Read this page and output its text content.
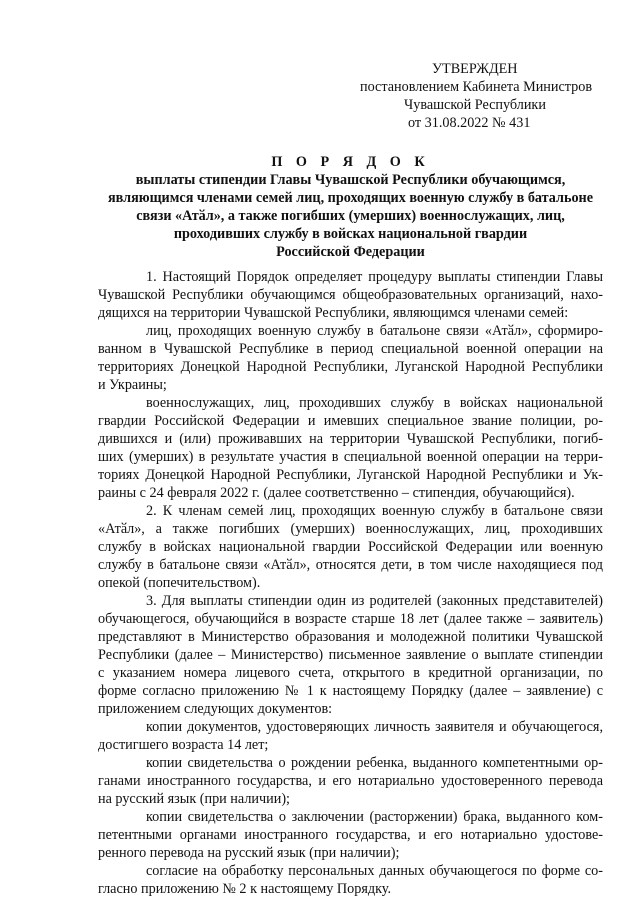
УТВЕРЖДЕН
постановлением Кабинета Министров
Чувашской Республики
от 31.08.2022 № 431
П О Р Я Д О К
выплаты стипендии Главы Чувашской Республики обучающимся,
являющимся членами семей лиц, проходящих военную службу в батальоне
связи «Атӑл», а также погибших (умерших) военнослужащих, лиц,
проходивших службу в войсках национальной гвардии
Российской Федерации

1. Настоящий Порядок определяет процедуру выплаты стипендии Главы

Чувашской Республики обучающимся общеобразовательных организаций, нахо-

дящихся на территории Чувашской Республики, являющимся членами семей:

лиц, проходящих военную службу в батальоне связи «Атӑл», сформиро-

ванном в Чувашской Республике в период специальной военной операции на

территориях Донецкой Народной Республики, Луганской Народной Республики

и Украины;

военнослужащих, лиц, проходивших службу в войсках национальной

гвардии Российской Федерации и имевших специальное звание полиции, ро-

дившихся и (или) проживавших на территории Чувашской Республики, погиб-

ших (умерших) в результате участия в специальной военной операции на терри-

ториях Донецкой Народной Республики, Луганской Народной Республики и Ук-

раины с 24 февраля 2022 г. (далее соответственно – стипендия, обучающийся).

2. К членам семей лиц, проходящих военную службу в батальоне связи

«Атӑл», а также погибших (умерших) военнослужащих, лиц, проходивших

службу в войсках национальной гвардии Российской Федерации или военную

службу в батальоне связи «Атӑл», относятся дети, в том числе находящиеся под

опекой (попечительством).

3. Для выплаты стипендии один из родителей (законных представителей)

обучающегося, обучающийся в возрасте старше 18 лет (далее также – заявитель)

представляют в Министерство образования и молодежной политики Чувашской

Республики (далее – Министерство) письменное заявление о выплате стипендии

с указанием номера лицевого счета, открытого в кредитной организации, по

форме согласно приложению № 1 к настоящему Порядку (далее – заявление) с

приложением следующих документов:

копии документов, удостоверяющих личность заявителя и обучающегося,

достигшего возраста 14 лет;

копии свидетельства о рождении ребенка, выданного компетентными ор-

ганами иностранного государства, и его нотариально удостоверенного перевода

на русский язык (при наличии);

копии свидетельства о заключении (расторжении) брака, выданного ком-

петентными органами иностранного государства, и его нотариально удостове-

ренного перевода на русский язык (при наличии);

согласие на обработку персональных данных обучающегося по форме со-

гласно приложению № 2 к настоящему Порядку.
